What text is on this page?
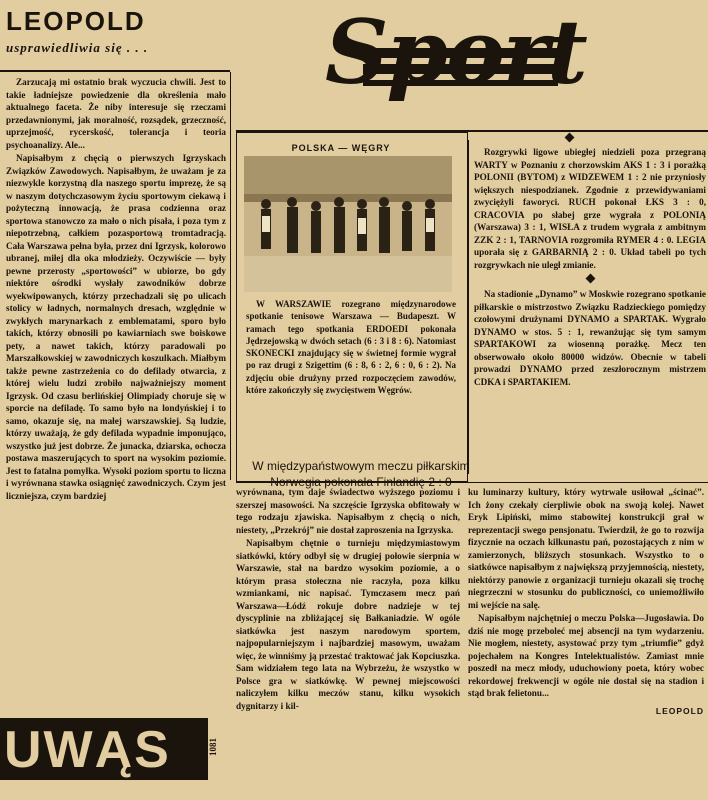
LEOPOLD
usprawiedliwia się . . . Sport

Zarzucają mi ostatnio brak wyczucia chwili. Jest to takie ładniejsze powiedzenie dla określenia mało aktualnego faceta. Że niby interesuje się rzeczami przedawnionymi, jak moralność, rozsądek, grzeczność, uprzejmość, rycerskość, tolerancja i teoria psychoanalizy. Ale...

Napisałbym z chęcią o pierwszych Igrzyskach Związków Zawodowych. Napisałbym, że uważam je za niezwykle korzystną dla naszego sportu imprezę, że są w naszym dotychczasowym życiu sportowym ciekawą i pożyteczną innowacją, że prasa codzienna oraz sportowa stanowczo za mało o nich pisała, i poza tym z niepotrzebną, całkiem pozasportową tromtadracją. Cała Warszawa pełna była, przez dni Igrzysk, kolorowo ubranej, miłej dla oka młodzieży. Oczywiście — były pewne przerosty „sportowości” w ubiorze, bo gdy niektóre ośrodki wysłały zawodników dobrze wyekwipowanych, którzy przechadzali się po ulicach stolicy w ładnych, normalnych dresach, względnie w zwykłych marynarkach z emblematami, sporo było takich, którzy obnosili po kawiarniach swe boiskowe pety, a nawet takich, którzy paradowali po Marszałkowskiej w zawodniczych koszulkach. Miałbym także pewne zastrzeżenia co do defilady otwarcia, z której wielu ludzi zrobiło najważniejszy moment Igrzysk. Od czasu berlińskiej Olimpiady choruje się w sporcie na defiladę. To samo było na londyńskiej i to samo, okazuje się, na małej warszawskiej. Są ludzie, którzy uważają, że gdy defilada wypadnie imponująco, wszystko już jest dobrze. Że junacka, dziarska, ochocza postawa maszerujących to sport na wysokim poziomie. Jest to fatalna pomyłka. Wysoki poziom sportu to liczna i wyrównana stawka osiągnięć zawodniczych. Czym jest liczniejsza, czym bardziej

POLSKA — WĘGRY

W WARSZAWIE rozegrano międzynarodowe spotkanie tenisowe Warszawa — Budapeszt. W ramach tego spotkania ERDOEDI pokonała Jędrzejowską w dwóch setach (6 : 3 i 8 : 6). Natomiast SKONECKI znajdujący się w świetnej formie wygrał po raz drugi z Szigettim (6 : 8, 6 : 2, 6 : 0, 6 : 2). Na zdjęciu obie drużyny przed rozpoczęciem zawodów, które zakończyły się zwycięstwem Węgrów.

W międzypaństwowym meczu piłkarskim Norwegia pokonała Finlandię 2 : 0

Rozgrywki ligowe ubiegłej niedzieli poza przegraną WARTY w Poznaniu z chorzowskim AKS 1 : 3 i porażką POLONII (BYTOM) z WIDZEWEM 1 : 2 nie przyniosły większych niespodzianek. Zgodnie z przewidywaniami zwyciężyli faworyci. RUCH pokonał ŁKS 3 : 0, CRACOVIA po słabej grze wygrała z POLONIĄ (Warszawa) 3 : 1, WISŁA z trudem wygrała z ambitnym ZZK 2 : 1, TARNOVIA rozgromiła RYMER 4 : 0. LEGIA uporała się z GARBARNIĄ 2 : 0. Układ tabeli po tych rozgrywkach nie uległ zmianie.

Na stadionie „Dynamo” w Moskwie rozegrano spotkanie piłkarskie o mistrzostwo Związku Radzieckiego pomiędzy czołowymi drużynami DYNAMO a SPARTAK. Wygrało DYNAMO w stos. 5 : 1, rewanżując się tym samym SPARTAKOWI za wiosenną porażkę. Mecz ten obserwowało około 80000 widzów. Obecnie w tabeli prowadzi DYNAMO przed zeszłorocznym mistrzem CDKA i SPARTAKIEM.

wyrównana, tym daje świadectwo wyższego poziomu i szerszej masowości. Na szczęście Igrzyska obfitowały w tego rodzaju zjawiska. Napisałbym z chęcią o nich, niestety, „Przekrój” nie dostał zaproszenia na Igrzyska.

Napisałbym chętnie o turnieju międzymiastowym siatkówki, który odbył się w drugiej połowie sierpnia w Warszawie, stał na bardzo wysokim poziomie, a o którym prasa stołeczna nie raczyła, poza kilku wzmiankami, nic napisać. Tymczasem mecz pań Warszawa—Łódź rokuje dobre nadzieje w tej dyscyplinie na zbliżającej się Bałkaniadzie. W ogóle siatkówka jest naszym narodowym sportem, najpopularniejszym i najbardziej masowym, uważam więc, że winniśmy ją przestać traktować jak Kopciuszka. Sam widziałem tego lata na Wybrzeżu, że wszystko w Polsce gra w siatkówkę. W pewnej miejscowości naliczyłem kilku meczów stanu, kilku wysokich dygnitarzy i kil-

ku luminarzy kultury, który wytrwale usiłował „ścinać”. Ich żony czekały cierpliwie obok na swoją kolej. Nawet Eryk Lipiński, mimo stabowitej konstrukcji grał w reprezentacji swego pensjonatu. Twierdził, że go to rozwija fizycznie na oczach kilkunastu pań, pozostających z nim w zamierzonych, bliższych stosunkach. Wszystko to o siatkówce napisałbym z największą przyjemnością, niestety, niektórzy panowie z organizacji turnieju okazali się trochę niegrzeczni w stosunku do publiczności, co uniemożliwiło mi wejście na salę.

Napisałbym najchętniej o meczu Polska—Jugosławia. Do dziś nie mogę przeboleć mej absencji na tym wydarzeniu. Nie mogłem, niestety, asystować przy tym „triumfie” gdyż pojechałem na Kongres Intelektualistów. Zamiast mnie poszedł na mecz młody, uduchowiony poeta, który wobec rekordowej frekwencji w ogóle nie dostał się na stadion i stąd brak felietonu...

LEOPOLD
UWĄS	1081
